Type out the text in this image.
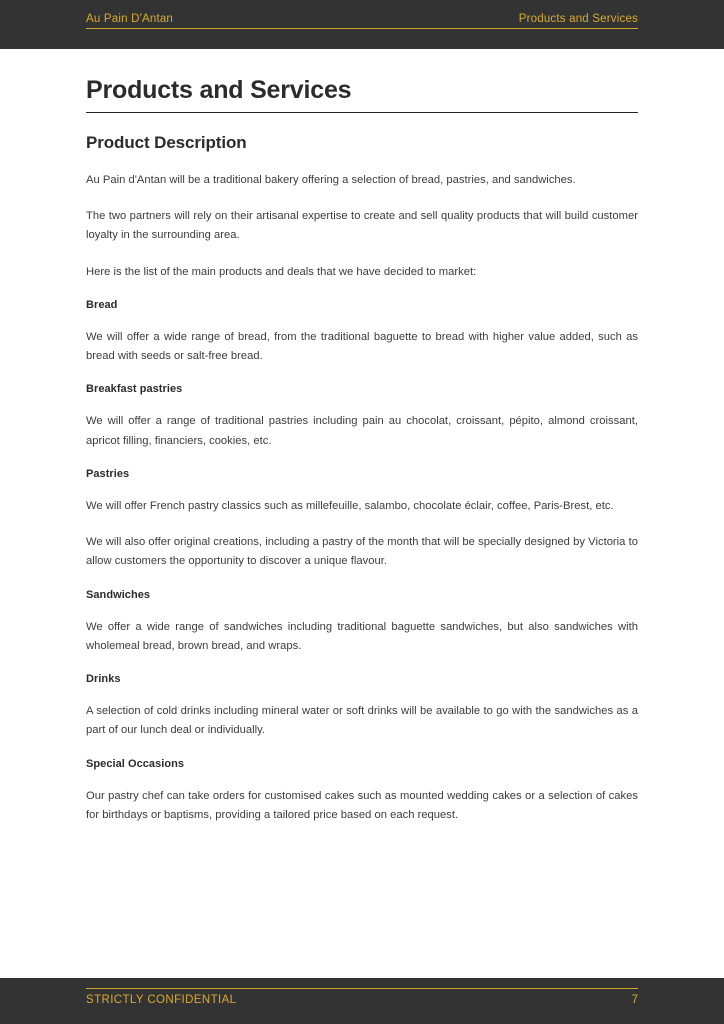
Au Pain D'Antan	Products and Services
Products and Services
Product Description

Au Pain d'Antan will be a traditional bakery offering a selection of bread, pastries, and sandwiches.

The two partners will rely on their artisanal expertise to create and sell quality products that will build customer loyalty in the surrounding area.

Here is the list of the main products and deals that we have decided to market:

Bread

We will offer a wide range of bread, from the traditional baguette to bread with higher value added, such as bread with seeds or salt-free bread.

Breakfast pastries

We will offer a range of traditional pastries including pain au chocolat, croissant, pépito, almond croissant, apricot filling, financiers, cookies, etc.

Pastries

We will offer French pastry classics such as millefeuille, salambo, chocolate éclair, coffee, Paris-Brest, etc.

We will also offer original creations, including a pastry of the month that will be specially designed by Victoria to allow customers the opportunity to discover a unique flavour.

Sandwiches

We offer a wide range of sandwiches including traditional baguette sandwiches, but also sandwiches with wholemeal bread, brown bread, and wraps.

Drinks

A selection of cold drinks including mineral water or soft drinks will be available to go with the sandwiches as a part of our lunch deal or individually.

Special Occasions

Our pastry chef can take orders for customised cakes such as mounted wedding cakes or a selection of cakes for birthdays or baptisms, providing a tailored price based on each request.

STRICTLY CONFIDENTIAL	7
